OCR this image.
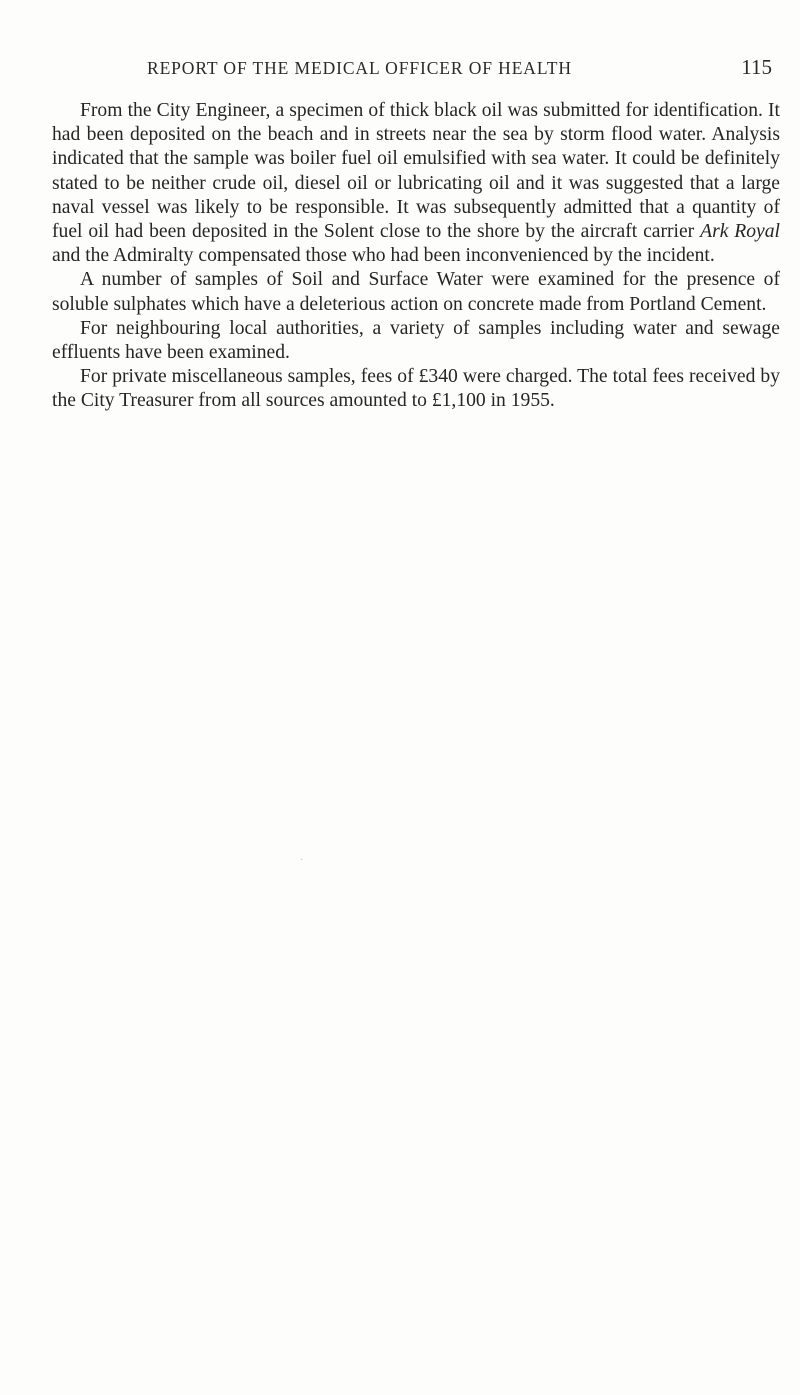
REPORT OF THE MEDICAL OFFICER OF HEALTH	115

From the City Engineer, a specimen of thick black oil was submitted for identification. It had been deposited on the beach and in streets near the sea by storm flood water. Analysis indicated that the sample was boiler fuel oil emulsified with sea water. It could be definitely stated to be neither crude oil, diesel oil or lubricating oil and it was suggested that a large naval vessel was likely to be responsible. It was subsequently admitted that a quantity of fuel oil had been deposited in the Solent close to the shore by the aircraft carrier Ark Royal and the Admiralty compensated those who had been inconvenienced by the incident.

A number of samples of Soil and Surface Water were examined for the presence of soluble sulphates which have a deleterious action on concrete made from Portland Cement.

For neighbouring local authorities, a variety of samples including water and sewage effluents have been examined.

For private miscellaneous samples, fees of £340 were charged. The total fees received by the City Treasurer from all sources amounted to £1,100 in 1955.

·
